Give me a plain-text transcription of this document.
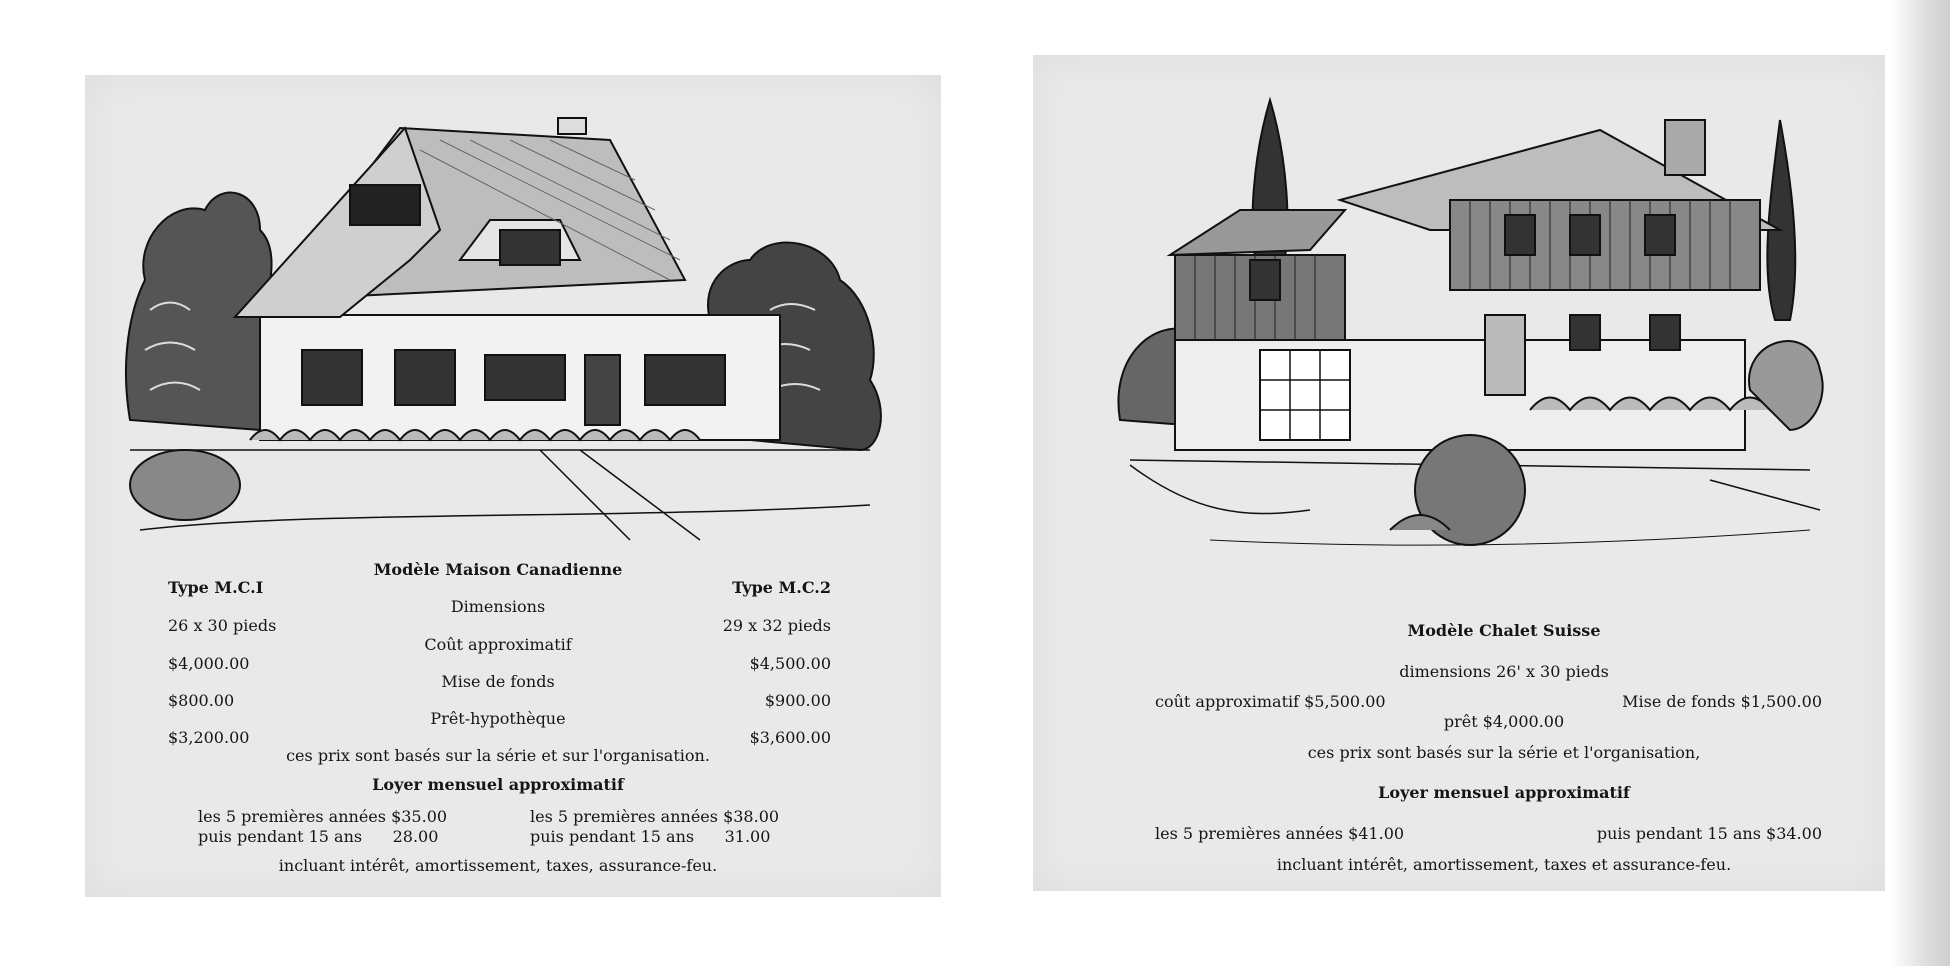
Modèle Maison Canadienne
Type M.C.I	Type M.C.2
Dimensions
26 x 30 pieds	29 x 32 pieds
Coût approximatif
$4,000.00	$4,500.00
Mise de fonds
$800.00	$900.00
Prêt-hypothèque
$3,200.00	$3,600.00
ces prix sont basés sur la série et sur l'organisation.
Loyer mensuel approximatif
les 5 premières années $35.00	les 5 premières années $38.00
puis pendant 15 ans      28.00	puis pendant 15 ans      31.00
incluant intérêt, amortissement, taxes, assurance-feu.
Modèle Chalet Suisse
dimensions 26' x 30 pieds
coût approximatif $5,500.00	Mise de fonds $1,500.00
prêt $4,000.00
ces prix sont basés sur la série et l'organisation,
Loyer mensuel approximatif
les 5 premières années $41.00	puis pendant 15 ans $34.00
incluant intérêt, amortissement, taxes et assurance-feu.
